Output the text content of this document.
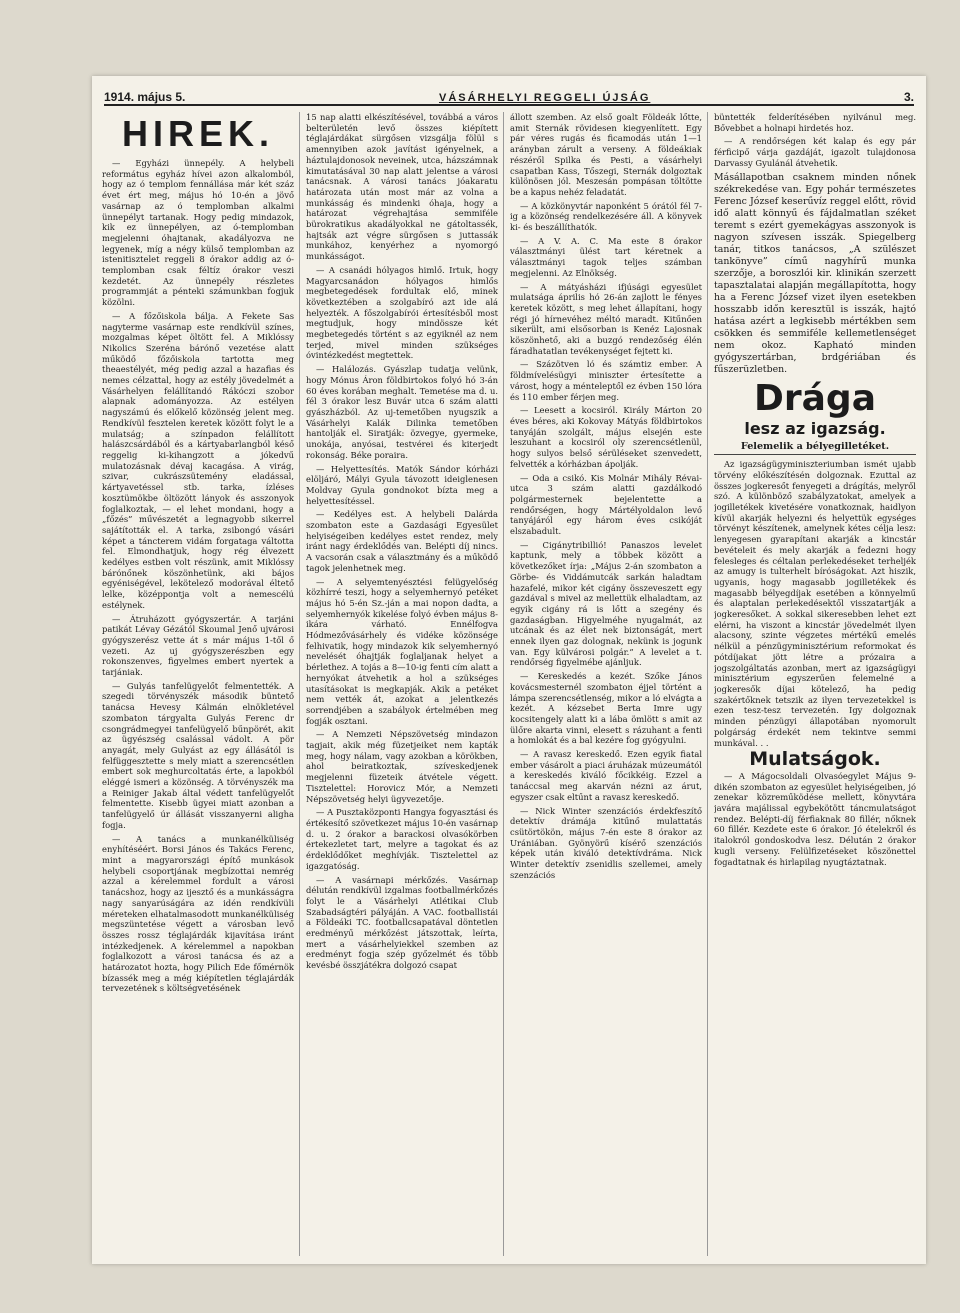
1914. május 5.	VÁSÁRHELYI REGGELI ÚJSÁG	3.
HIREK.

— Egyházi ünnepély. A helybeli református egyház hívei azon alkalomból, hogy az ó templom fennállása már két száz évet ért meg, május hó 10-én a jövő vasárnap az ó templomban alkalmi ünnepélyt tartanak. Hogy pedig mindazok, kik ez ünnepélyen, az ó-templomban megjelenni óhajtanak, akadályozva ne legyenek, míg a négy külső templomban az istenitisztelet reggeli 8 órakor addig az ó-templomban csak féltíz órakor veszi kezdetét. Az ünnepély részletes programmját a pénteki számunkban fogjuk közölni.

— A főzőiskola bálja. A Fekete Sas nagyterme vasárnap este rendkívül színes, mozgalmas képet öltött fel. A Miklóssy Nikolics Szeréna bárónő vezetése alatt működő főzőiskola tartotta meg theaestélyét, még pedig azzal a hazafias és nemes célzattal, hogy az estély jövedelmét a Vásárhelyen felállítandó Rákóczi szobor alapnak adományozza. Az estélyen nagyszámú és előkelő közönség jelent meg. Rendkívül fesztelen keretek között folyt le a mulatság; a színpadon felállított halászcsárdából és a kártyabarlangból késő reggelig ki-kihangzott a jókedvű mulatozásnak dévaj kacagása. A virág, szivar, cukrászsütemény eladással, kártyavetéssel stb. tarka, ízléses kosztümökbe öltözött lányok és asszonyok foglalkoztak, — el lehet mondani, hogy a „főzés” művészetét a legnagyobb sikerrel sajátították el. A tarka, zsibongó vásári képet a táncterem vidám forgataga váltotta fel. Elmondhatjuk, hogy rég élvezett kedélyes estben volt részünk, amit Miklóssy bárónőnek köszönhetünk, aki bájos egyéniségével, lekötelező modorával éltető lelke, középpontja volt a nemescélú estélynek.

— Átruházott gyógyszertár. A tarjáni patikát Lévay Gézától Skoumal Jenő ujvárosi gyógyszerész vette át s már május 1-től ő vezeti. Az uj gyógyszerészben egy rokonszenves, figyelmes embert nyertek a tarjániak.

— Gulyás tanfelügyelőt felmentették. A szegedi törvényszék második büntető tanácsa Hevesy Kálmán elnökletével szombaton tárgyalta Gulyás Ferenc dr csongrádmegyei tanfelügyelő bűnpörét, akit az ügyészség csalással vádolt. A pör anyagát, mely Gulyást az egy állásától is felfüggesztette s mely miatt a szerencsétlen embert sok meghurcoltatás érte, a lapokból eléggé ismeri a közönség. A törvényszék ma a Reiniger Jakab által védett tanfelügyelőt felmentette. Kisebb ügyei miatt azonban a tanfelügyelő úr állását visszanyerni aligha fogja.

— A tanács a munkanélküliség enyhítéséért. Borsi János és Takács Ferenc, mint a magyarországi építő munkások helybeli csoportjának megbízottai nemrég azzal a kérelemmel fordult a városi tanácshoz, hogy az ijesztő és a munkásságra nagy sanyarúságára az idén rendkívüli méreteken elhatalmasodott munkanélküliség megszüntetése végett a városban levő összes rossz téglajárdák kijavítása iránt intézkedjenek. A kérelemmel a napokban foglalkozott a városi tanácsa és az a határozatot hozta, hogy Pilich Ede főmérnök bízassék meg a még kiépítetlen téglajárdák tervezetének s költségvetésének

15 nap alatti elkészítésével, továbbá a város belterületén levő összes kiépített téglajárdákat sürgősen vizsgálja fölül s amennyiben azok javítást igényelnek, a háztulajdonosok neveinek, utca, házszámnak kimutatásával 30 nap alatt jelentse a városi tanácsnak. A városi tanács jóakaratu határozata után most már az volna a munkásság és mindenki óhaja, hogy a határozat végrehajtása semmiféle bürokratikus akadályokkal ne gátoltassék, hajtsák azt végre sürgősen s juttassák munkához, kenyérhez a nyomorgó munkásságot.

— A csanádi hólyagos himlő. Irtuk, hogy Magyarcsanádon hólyagos himlős megbetegedések fordultak elő, minek következtében a szolgabíró azt ide alá helyezték. A főszolgabírói értesítésből most megtudjuk, hogy mindössze két megbetegedés történt s az egyiknél az nem terjed, mivel minden szükséges óvintézkedést megtettek.

— Halálozás. Gyászlap tudatja velünk, hogy Mónus Áron földbirtokos folyó hó 3-án 60 éves korában meghalt. Temetése ma d. u. fél 3 órakor lesz Buvár utca 6 szám alatti gyászházból. Az uj-temetőben nyugszik a Vásárhelyi Kalák Dilinka temetőben hantolják el. Siratják: özvegye, gyermeke, unokája, anyósai, testvérei és kiterjedt rokonság. Béke poraira.

— Helyettesítés. Matók Sándor kórházi elöljáró, Mályi Gyula távozott ideiglenesen Moldvay Gyula gondnokot bízta meg a helyettesítéssel.

— Kedélyes est. A helybeli Dalárda szombaton este a Gazdasági Egyesület helyiségeiben kedélyes estet rendez, mely iránt nagy érdeklődés van. Belépti díj nincs. A vacsorán csak a választmány és a működő tagok jelenhetnek meg.

— A selyemtenyésztési felügyelőség közhírré teszi, hogy a selyemhernyó petéket május hó 5-én Sz.-ján a mai nopon dadta, a selyemhernyók kikelése folyó évben május 8-ikára várható. Ennélfogva Hódmezővásárhely és vidéke közönsége felhivatik, hogy mindazok kik selyemhernyó nevelését óhajtják foglaljanak helyet a bérlethez. A tojás a 8—10-ig fenti cím alatt a hernyókat átvehetik a hol a szükséges utasításokat is megkapják. Akik a petéket nem vették át, azokat a jelentkezés sorrendjében a szabályok értelmében meg fogják osztani.

— A Nemzeti Népszövetség mindazon tagjait, akik még füzetjeiket nem kapták meg, hogy nálam, vagy azokban a körökben, ahol beiratkoztak, szíveskedjenek megjelenni füzeteik átvétele végett. Tisztelettel: Horovicz Mór, a Nemzeti Népszövetség helyi ügyvezetője.

— A Pusztaközponti Hangya fogyasztási és értékesítő szövetkezet május 10-én vasárnap d. u. 2 órakor a barackosi olvasókörben értekezletet tart, melyre a tagokat és az érdeklődőket meghívják. Tisztelettel az igazgatóság.

— A vasárnapi mérkőzés. Vasárnap délután rendkívül izgalmas footballmérkőzés folyt le a Vásárhelyi Atlétikai Club Szabadságtéri pályáján. A VAC. footballistái a Földeáki TC. footballcsapatával döntetlen eredményű mérkőzést játszottak, leírta, mert a vásárhelyiekkel szemben az eredményt fogja szép győzelmét és több kevésbé összjátékra dolgozó csapat

állott szemben. Az első goalt Földeák lőtte, amit Sternák rövidesen kiegyenlített. Egy pár véres rugás és ficamodás után 1—1 arányban zárult a verseny. A földeákiak részéről Spilka és Pesti, a vásárhelyi csapatban Kass, Tőszegi, Sternák dolgoztak különösen jól. Meszesán pompásan töltötte be a kapus nehéz feladatát.

— A közkönyvtár naponként 5 órától fél 7-ig a közönség rendelkezésére áll. A könyvek ki- és beszállíthatók.

— A V. A. C. Ma este 8 órakor választmányi ülést tart kéretnek a választmányi tagok teljes számban megjelenni. Az Elnökség.

— A mátyásházi ifjúsági egyesület mulatsága április hó 26-án zajlott le fényes keretek között, s meg lehet állapítani, hogy régi jó hírnevéhez méltó maradt. Kitűnően sikerült, ami elsősorban is Kenéz Lajosnak köszönhető, aki a buzgó rendezőség élén fáradhatatlan tevékenységet fejtett ki.

— Százötven ló és számtiz ember. A földmívelésügyi miniszter értesítette a várost, hogy a ménteleptől ez évben 150 lóra és 110 ember férjen meg.

— Leesett a kocsiról. Király Márton 20 éves béres, aki Kokovay Mátyás földbirtokos tanyáján szolgált, május elsején este leszuhant a kocsiról oly szerencsétlenül, hogy sulyos belső sérüléseket szenvedett, felvették a kórházban ápolják.

— Oda a csikó. Kis Molnár Mihály Révai-utca 3 szám alatti gazdálkodó polgármesternek bejelentette a rendőrségen, hogy Mártélyoldalon levő tanyájáról egy három éves csikóját elszabadult.

— Cigánytribillió! Panaszos levelet kaptunk, mely a többek között a következőket írja: „Május 2-án szombaton a Görbe- és Viddámutcák sarkán haladtam hazafelé, mikor két cigány összeveszett egy gazdával s mivel az mellettük elhaladtam, az egyik cigány rá is lőtt a szegény és gazdaságban. Higyelméhe nyugalmát, az utcának és az élet nek biztonságát, mert ennek ilyen gaz dolognak, nekünk is jogunk van. Egy külvárosi polgár.” A levelet a t. rendőrség figyelmébe ajánljuk.

— Kereskedés a kezét. Szőke János kovácsmesternél szombaton éjjel történt a lámpa szerencsétlenség, mikor a ló elvágta a kezét. A kézsebet Berta Imre ugy kocsitengely alatt ki a lába ömlött s amit az ülőre akarta vinni, elesett s rázuhant a fenti a homlokát és a bal kezére fog gyógyulni.

— A ravasz kereskedő. Ezen egyik fiatal ember vásárolt a piaci áruházak múzeumától a kereskedés kiváló főcikkéig. Ezzel a tanáccsal meg akarván nézni az árut, egyszer csak eltűnt a ravasz kereskedő.

— Nick Winter szenzációs érdekfeszítő detektív drámája kitűnő mulattatás csütörtökön, május 7-én este 8 órakor az Urániában. Gyönyörű kísérő szenzációs képek után kiváló detektívdráma. Nick Winter detektív zsenidlis szellemei, amely szenzációs

büntették felderítésében nyilvánul meg. Bővebbet a holnapi hirdetés hoz.

— A rendőrségen két kalap és egy pár férficipő várja gazdáját, igazolt tulajdonosa Darvassy Gyulánál átvehetik.

Másállapotban csaknem minden nőnek székrekedése van. Egy pohár természetes Ferenc József keserűvíz reggel előtt, rövid idő alatt könnyű és fájdalmatlan széket teremt s ezért gyemekágyas asszonyok is nagyon szívesen isszák. Spiegelberg tanár, titkos tanácsos, „A szülészet tankönyve” című nagyhírű munka szerzője, a boroszlói kir. klinikán szerzett tapasztalatai alapján megállapította, hogy ha a Ferenc József vizet ilyen esetekben hosszabb időn keresztül is isszák, hajtó hatása azért a legkisebb mértékben sem csökken és semmiféle kellemetlenséget nem okoz. Kapható minden gyógyszertárban, brdgériában és fűszerüzletben.

Drága
lesz az igazság.
Felemelik a bélyegilletéket.

Az igazságügyminiszteriumban ismét ujabb törvény előkészítésén dolgoznak. Ezuttal az összes jogkeresőt fenyegeti a drágítás, melyről szó. A különböző szabályzatokat, amelyek a jogilletékek kivetésére vonatkoznak, haidlyon kívül akarják helyezni és helyettük egységes törvényt készítenek, amelynek kétes célja lesz: lenyegesen gyarapítani akarják a kincstár bevételeit és mely akarják a fedezni hogy felesleges és céltalan perlekedéseket terheljék az amugy is tulterhelt bíróságokat. Azt hiszik, ugyanis, hogy magasabb jogilletékek és magasabb bélyegdíjak esetében a könnyelmű és alaptalan perlekedésektől visszatartják a jogkeresőket. A sokkal sikeresebben lehet ezt elérni, ha viszont a kincstár jövedelmét ilyen alacsony, szinte végzetes mértékű emelés nélkül a pénzügyminisztérium reformokat és pótdíjakat jött létre a prózaira a jogszolgáltatás azonban, mert az igazságügyi minisztérium egyszerűen felemelné a jogkeresők díjai kötelező, ha pedig szakértőknek tetszik az ilyen tervezetekkel is ezen tesz-tesz tervezetén. Igy dolgoznak minden pénzügyi állapotában nyomorult polgárság érdekét nem tekintve semmi munkával. . .

Mulatságok.

— A Mágocsoldali Olvasóegylet Május 9-dikén szombaton az egyesület helyiségeiben, jó zenekar közreműködése mellett, könyvtára javára majálissal egybekötött táncmulatságot rendez. Belépti-díj férfiaknak 80 fillér, nőknek 60 fillér. Kezdete este 6 órakor. Jó ételekről és italokról gondoskodva lesz. Délután 2 órakor kugli verseny. Felülfizetéseket köszönettel fogadtatnak és hirlapilag nyugtáztatnak.
